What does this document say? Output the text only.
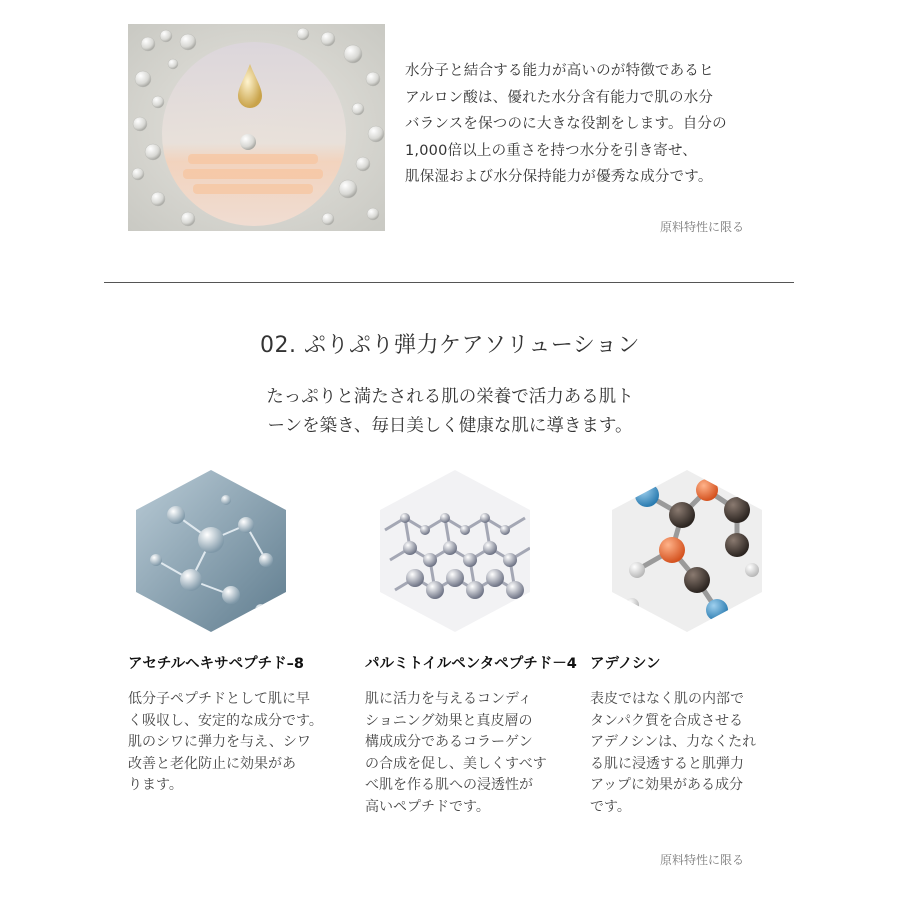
水分子と結合する能力が高いのが特徴であるヒ
アルロン酸は、優れた水分含有能力で肌の水分
バランスを保つのに大きな役割をします。自分の
1,000倍以上の重さを持つ水分を引き寄せ、
肌保湿および水分保持能力が優秀な成分です。
原料特性に限る
02. ぷりぷり弾力ケアソリューション
たっぷりと満たされる肌の栄養で活力ある肌ト
ーンを築き、毎日美しく健康な肌に導きます。
アセチルヘキサペプチド–8
低分子ペプチドとして肌に早
く吸収し、安定的な成分です。
肌のシワに弾力を与え、シワ
改善と老化防止に効果があ
ります。
パルミトイルペンタペプチド－4
肌に活力を与えるコンディ
ショニング効果と真皮層の
構成成分であるコラーゲン
の合成を促し、美しくすべす
べ肌を作る肌への浸透性が
高いペプチドです。
アデノシン
表皮ではなく肌の内部で
タンパク質を合成させる
アデノシンは、力なくたれ
る肌に浸透すると肌弾力
アップに効果がある成分
です。
原料特性に限る
